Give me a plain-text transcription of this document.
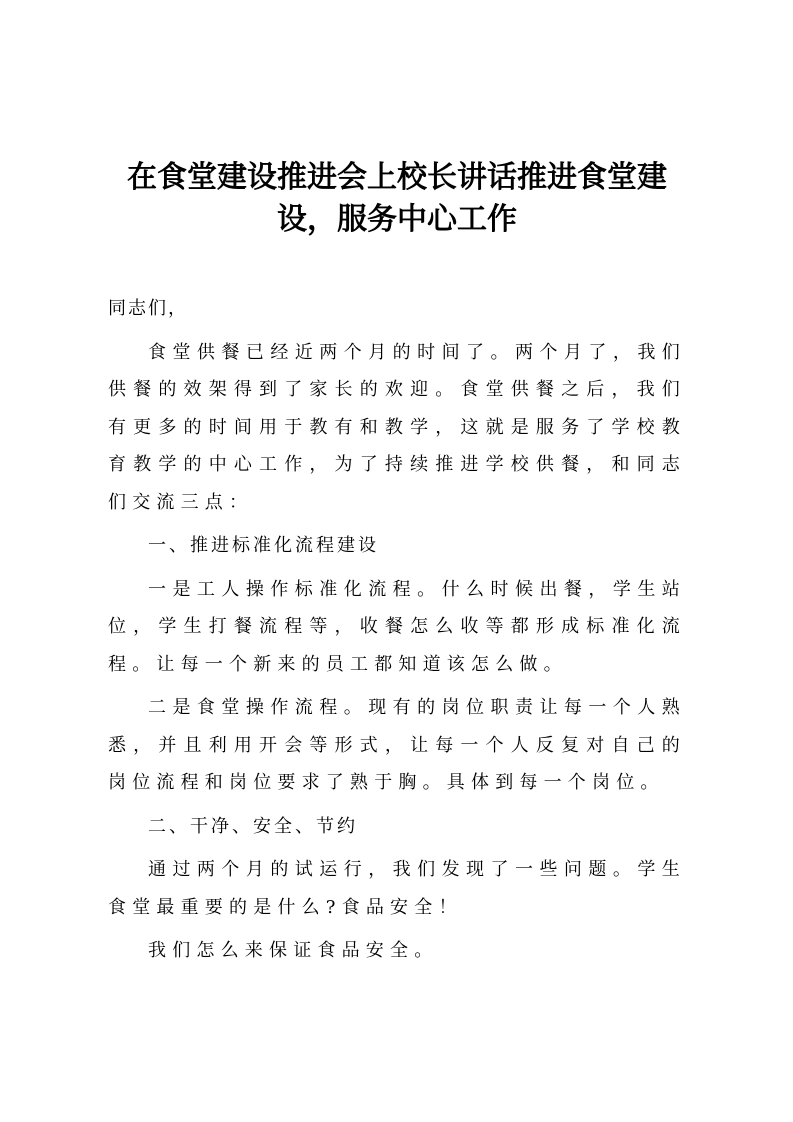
在食堂建设推进会上校长讲话推进食堂建设，服务中心工作

同志们，

食堂供餐已经近两个月的时间了。两个月了，我们供餐的效架得到了家长的欢迎。食堂供餐之后，我们有更多的时间用于教有和教学，这就是服务了学校教育教学的中心工作，为了持续推进学校供餐，和同志们交流三点：

一、推进标准化流程建设

一是工人操作标准化流程。什么时候出餐，学生站位，学生打餐流程等，收餐怎么收等都形成标准化流程。让每一个新来的员工都知道该怎么做。

二是食堂操作流程。现有的岗位职责让每一个人熟悉，并且利用开会等形式，让每一个人反复对自己的岗位流程和岗位要求了熟于胸。具体到每一个岗位。

二、干净、安全、节约

通过两个月的试运行，我们发现了一些问题。学生食堂最重要的是什么?食品安全！

我们怎么来保证食品安全。
